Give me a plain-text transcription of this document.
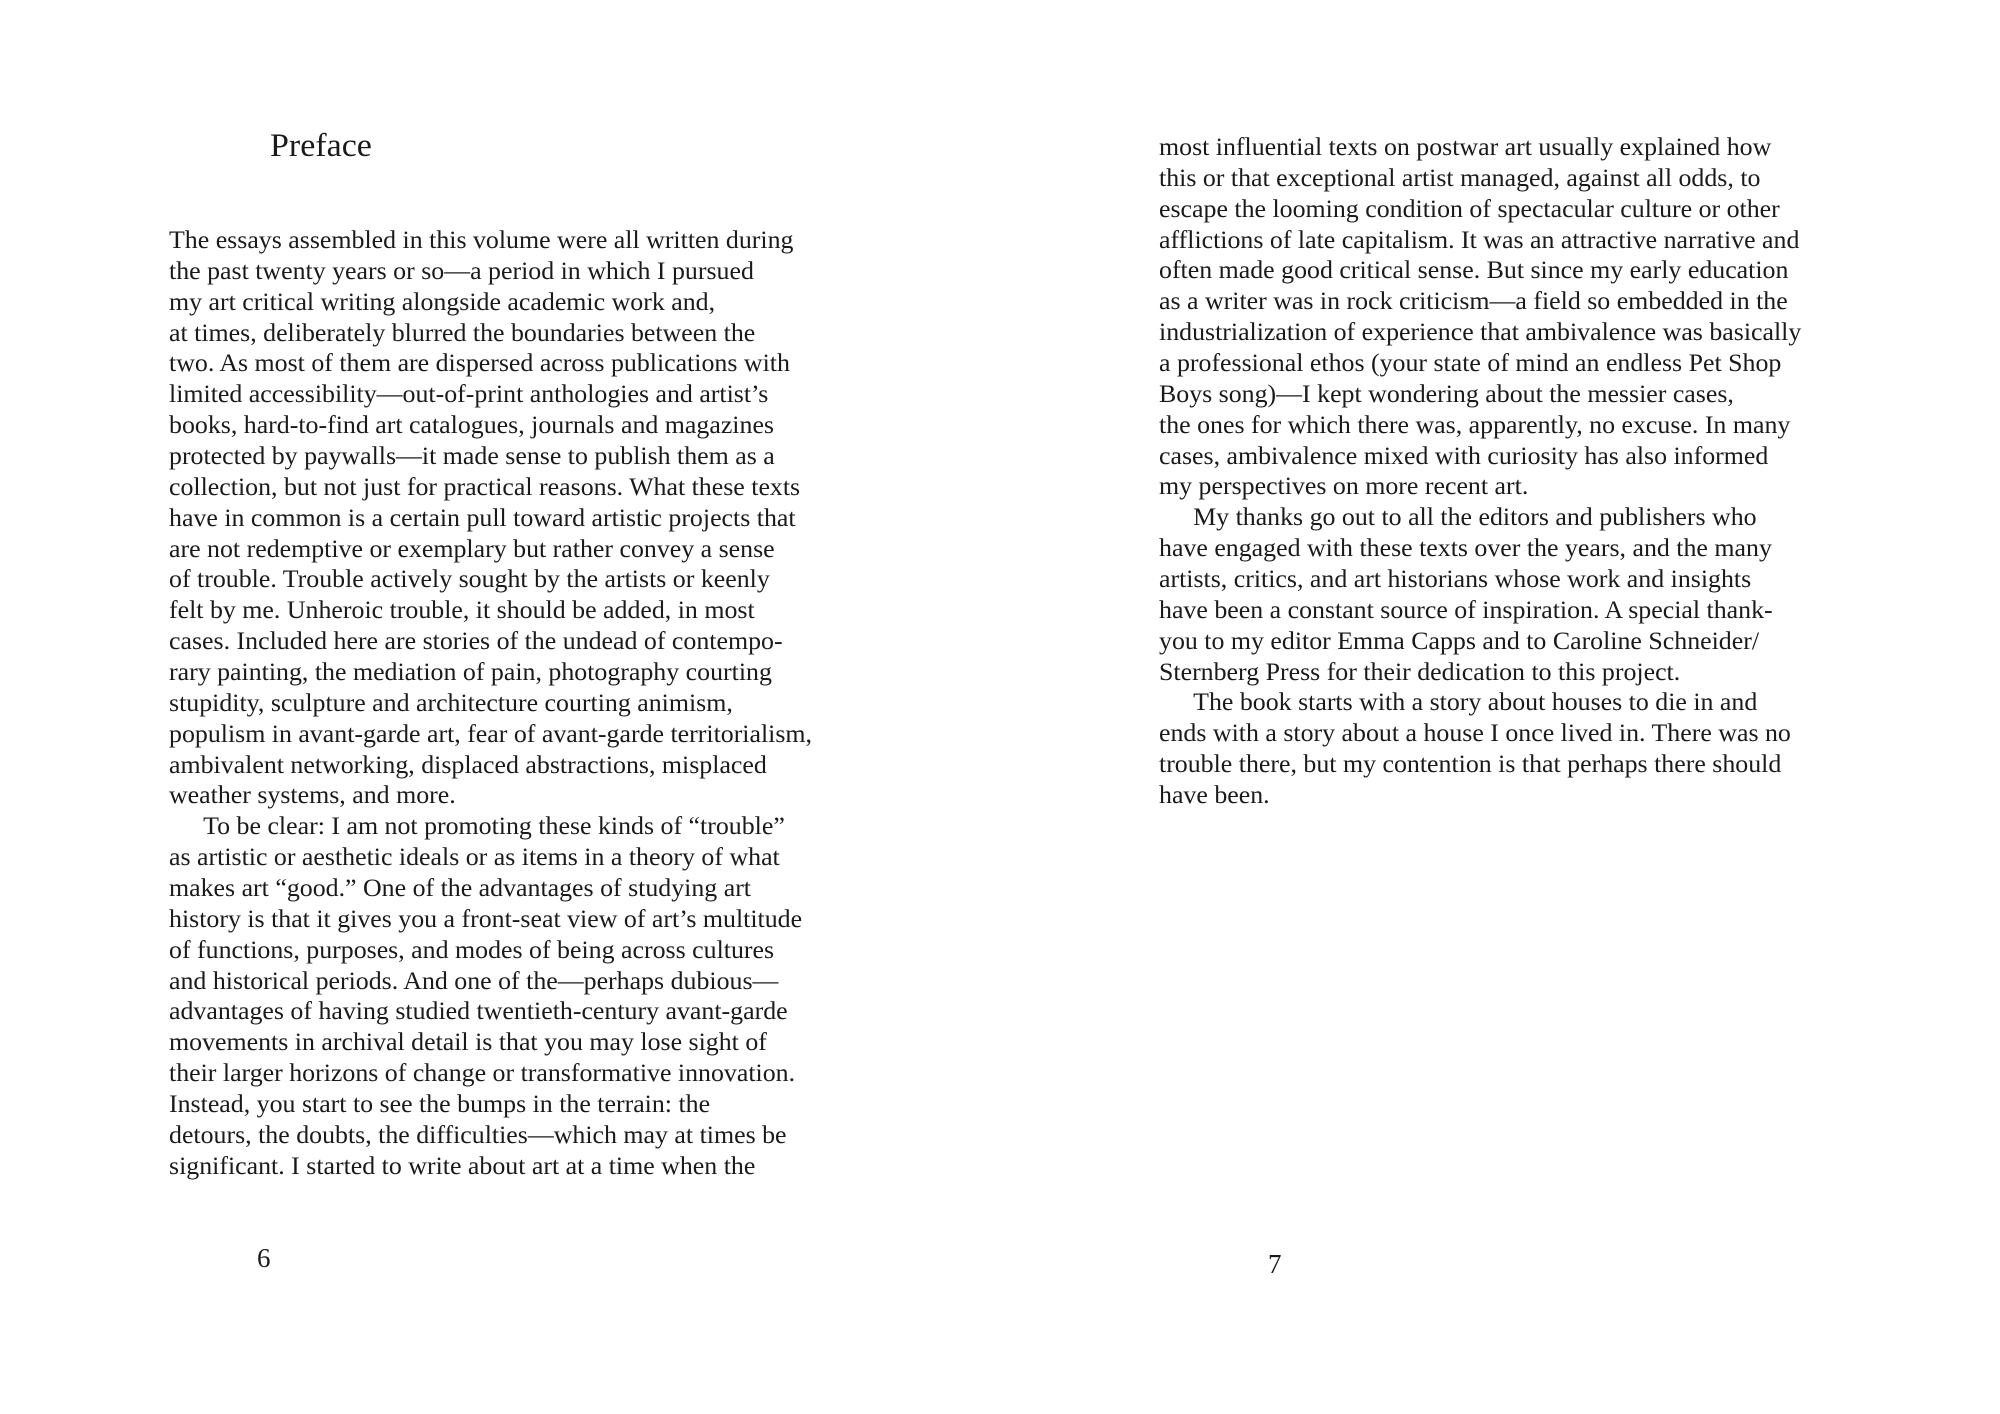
Preface
The essays assembled in this volume were all written during
the past twenty years or so—a period in which I pursued
my art critical writing alongside academic work and,
at times, deliberately blurred the boundaries between the
two. As most of them are dispersed across publications with
limited accessibility—out-of-print anthologies and artist’s
books, hard-to-find art catalogues, journals and magazines
protected by paywalls—it made sense to publish them as a
collection, but not just for practical reasons. What these texts
have in common is a certain pull toward artistic projects that
are not redemptive or exemplary but rather convey a sense
of trouble. Trouble actively sought by the artists or keenly
felt by me. Unheroic trouble, it should be added, in most
cases. Included here are stories of the undead of contempo-
rary painting, the mediation of pain, photography courting
stupidity, sculpture and architecture courting animism,
populism in avant-garde art, fear of avant-garde territorialism,
ambivalent networking, displaced abstractions, misplaced
weather systems, and more.
To be clear: I am not promoting these kinds of “trouble”
as artistic or aesthetic ideals or as items in a theory of what
makes art “good.” One of the advantages of studying art
history is that it gives you a front-seat view of art’s multitude
of functions, purposes, and modes of being across cultures
and historical periods. And one of the—perhaps dubious—
advantages of having studied twentieth-century avant-garde
movements in archival detail is that you may lose sight of
their larger horizons of change or transformative innovation.
Instead, you start to see the bumps in the terrain: the
detours, the doubts, the difficulties—which may at times be
significant. I started to write about art at a time when the
6
most influential texts on postwar art usually explained how
this or that exceptional artist managed, against all odds, to
escape the looming condition of spectacular culture or other
afflictions of late capitalism. It was an attractive narrative and
often made good critical sense. But since my early education
as a writer was in rock criticism—a field so embedded in the
industrialization of experience that ambivalence was basically
a professional ethos (your state of mind an endless Pet Shop
Boys song)—I kept wondering about the messier cases,
the ones for which there was, apparently, no excuse. In many
cases, ambivalence mixed with curiosity has also informed
my perspectives on more recent art.
My thanks go out to all the editors and publishers who
have engaged with these texts over the years, and the many
artists, critics, and art historians whose work and insights
have been a constant source of inspiration. A special thank-
you to my editor Emma Capps and to Caroline Schneider/
Sternberg Press for their dedication to this project.
The book starts with a story about houses to die in and
ends with a story about a house I once lived in. There was no
trouble there, but my contention is that perhaps there should
have been.
7
